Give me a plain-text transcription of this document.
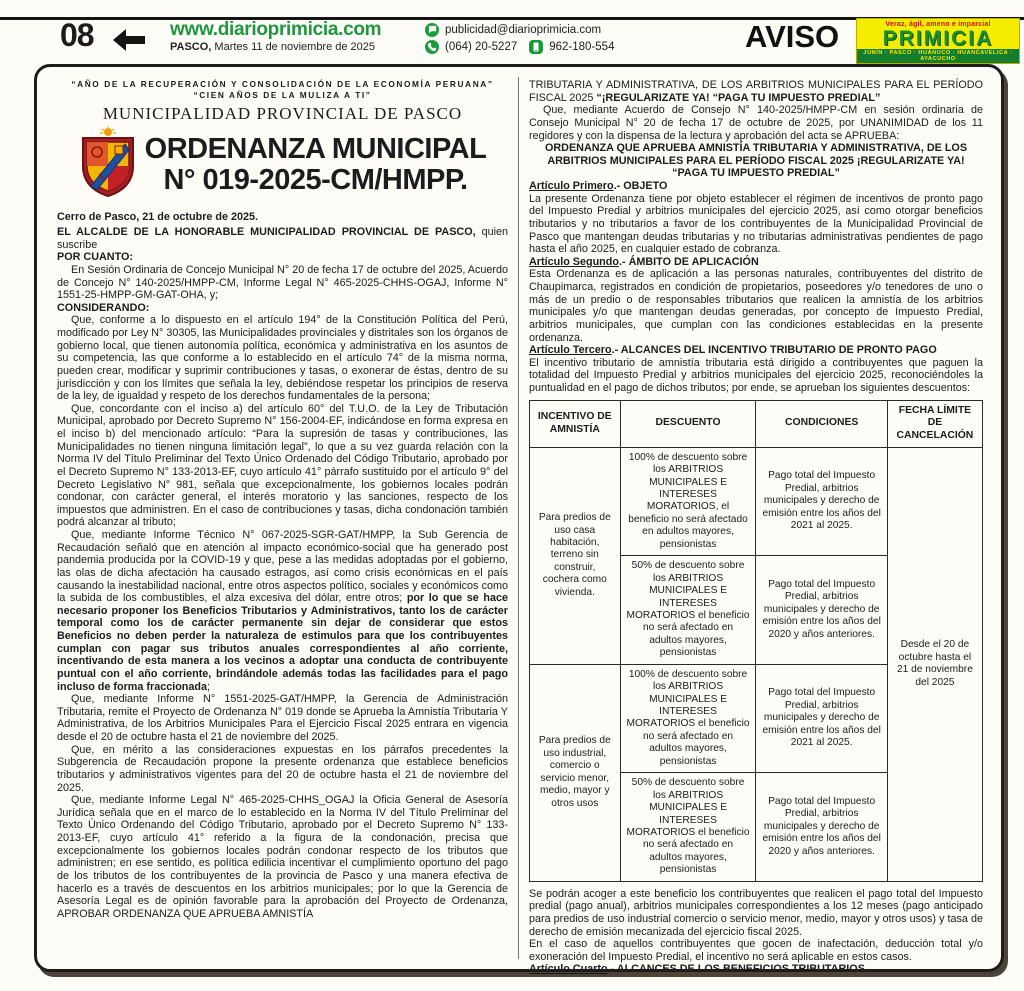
08	www.diarioprimicia.com
PASCO, Martes 11 de noviembre de 2025
publicidad@diarioprimicia.com
(064) 20-5227	962-180-554	AVISO	Veraz, ágil, ameno e imparcial
PRIMICIA
JUNÍN · PASCO · HUÁNUCO · HUANCAVELICA · AYACUCHO
“AÑO DE LA RECUPERACIÓN Y CONSOLIDACIÓN DE LA ECONOMÍA PERUANA”
“CIEN AÑOS DE LA MULIZA A TI”
MUNICIPALIDAD PROVINCIAL DE PASCO
ORDENANZA MUNICIPAL
N° 019-2025-CM/HMPP.

Cerro de Pasco, 21 de octubre de 2025.

EL ALCALDE DE LA HONORABLE MUNICIPALIDAD PROVINCIAL DE PASCO, quien suscribe

POR CUANTO:

En Sesión Ordinaria de Concejo Municipal N° 20 de fecha 17 de octubre del 2025, Acuerdo de Concejo N° 140-2025/HMPP-CM, Informe Legal N° 465-2025-CHHS-OGAJ, Informe N° 1551-25-HMPP-GM-GAT-OHA, y;

CONSIDERANDO:

Que, conforme a lo dispuesto en el artículo 194° de la Constitución Política del Perú, modificado por Ley N° 30305, las Municipalidades provinciales y distritales son los órganos de gobierno local, que tienen autonomía política, económica y administrativa en los asuntos de su competencia, las que conforme a lo establecido en el artículo 74° de la misma norma, pueden crear, modificar y suprimir contribuciones y tasas, o exonerar de éstas, dentro de su jurisdicción y con los límites que señala la ley, debiéndose respetar los principios de reserva de la ley, de igualdad y respeto de los derechos fundamentales de la persona;

Que, concordante con el inciso a) del artículo 60° del T.U.O. de la Ley de Tributación Municipal, aprobado por Decreto Supremo N° 156-2004-EF, indicándose en forma expresa en el inciso b) del mencionado artículo: “Para la supresión de tasas y contribuciones, las Municipalidades no tienen ninguna limitación legal”, lo que a su vez guarda relación con la Norma IV del Título Preliminar del Texto Único Ordenado del Código Tributario, aprobado por el Decreto Supremo N° 133-2013-EF, cuyo artículo 41° párrafo sustituido por el artículo 9° del Decreto Legislativo N° 981, señala que excepcionalmente, los gobiernos locales podrán condonar, con carácter general, el interés moratorio y las sanciones, respecto de los impuestos que administren. En el caso de contribuciones y tasas, dicha condonación también podrá alcanzar al tributo;

Que, mediante Informe Técnico N° 067-2025-SGR-GAT/HMPP, la Sub Gerencia de Recaudación señaló que en atención al impacto económico-social que ha generado post pandemia producida por la COVID-19 y que, pese a las medidas adoptadas por el gobierno, las olas de dicha afectación ha causado estragos, así como crisis económicas en el país causando la inestabilidad nacional, entre otros aspectos político, sociales y económicos como la subida de los combustibles, el alza excesiva del dólar, entre otros; por lo que se hace necesario proponer los Beneficios Tributarios y Administrativos, tanto los de carácter temporal como los de carácter permanente sin dejar de considerar que estos Beneficios no deben perder la naturaleza de estimulos para que los contribuyentes cumplan con pagar sus tributos anuales correspondientes al año corriente, incentivando de esta manera a los vecinos a adoptar una conducta de contribuyente puntual con el año corriente, brindándole además todas las facilidades para el pago incluso de forma fraccionada;

Que, mediante Informe N° 1551-2025-GAT/HMPP, la Gerencia de Administración Tributaria, remite el Proyecto de Ordenanza N° 019 donde se Aprueba la Amnistía Tributaria Y Administrativa, de los Arbitrios Municipales Para el Ejercicio Fiscal 2025 entrara en vigencia desde el 20 de octubre hasta el 21 de noviembre del 2025.

Que, en mérito a las consideraciones expuestas en los párrafos precedentes la Subgerencia de Recaudación propone la presente ordenanza que establece beneficios tributarios y administrativos vigentes para del 20 de octubre hasta el 21 de noviembre del 2025.

Que, mediante Informe Legal N° 465-2025-CHHS_OGAJ la Oficia General de Asesoría Jurídica señala que en el marco de lo establecido en la Norma IV del Título Preliminar del Texto Único Ordenando del Código Tributario, aprobado por el Decreto Supremo N° 133-2013-EF, cuyo artículo 41° referido a la figura de la condonación, precisa que excepcionalmente los gobiernos locales podrán condonar respecto de los tributos que administren; en ese sentido, es política edilicia incentivar el cumplimiento oportuno del pago de los tributos de los contribuyentes de la provincia de Pasco y una manera efectiva de hacerlo es a través de descuentos en los arbitrios municipales; por lo que la Gerencia de Asesoría Legal es de opinión favorable para la aprobación del Proyecto de Ordenanza, APROBAR ORDENANZA QUE APRUEBA AMNISTÍA

TRIBUTARIA Y ADMINISTRATIVA, DE LOS ARBITRIOS MUNICIPALES PARA EL PERÍODO FISCAL 2025 “¡REGULARIZATE YA! “PAGA TU IMPUESTO PREDIAL”

Que, mediante Acuerdo de Consejo N° 140-2025/HMPP-CM en sesión ordinaria de Consejo Municipal N° 20 de fecha 17 de octubre de 2025, por UNANIMIDAD de los 11 regidores y con la dispensa de la lectura y aprobación del acta se APRUEBA:

ORDENANZA QUE APRUEBA AMNISTÍA TRIBUTARIA Y ADMINISTRATIVA, DE LOS ARBITRIOS MUNICIPALES PARA EL PERÍODO FISCAL 2025 ¡REGULARIZATE YA! “PAGA TU IMPUESTO PREDIAL”

Artículo Primero.- OBJETO

La presente Ordenanza tiene por objeto establecer el régimen de incentivos de pronto pago del Impuesto Predial y arbitrios municipales del ejercicio 2025, así como otorgar beneficios tributarios y no tributarios a favor de los contribuyentes de la Municipalidad Provincial de Pasco que mantengan deudas tributarias y no tributarias administrativas pendientes de pago hasta el año 2025, en cualquier estado de cobranza.

Artículo Segundo.- ÁMBITO DE APLICACIÓN

Esta Ordenanza es de aplicación a las personas naturales, contribuyentes del distrito de Chaupimarca, registrados en condición de propietarios, poseedores y/o tenedores de uno o más de un predio o de responsables tributarios que realicen la amnistía de los arbitrios municipales y/o que mantengan deudas generadas, por concepto de Impuesto Predial, arbitrios municipales, que cumplan con las condiciones establecidas en la presente ordenanza.

Artículo Tercero.- ALCANCES DEL INCENTIVO TRIBUTARIO DE PRONTO PAGO

El incentivo tributario de amnistía tributaria está dirigido a contribuyentes que paguen la totalidad del Impuesto Predial y arbitrios municipales del ejercicio 2025, reconociéndoles la puntualidad en el pago de dichos tributos; por ende, se aprueban los siguientes descuentos:

INCENTIVO DE AMNISTÍA	DESCUENTO	CONDICIONES	FECHA LÍMITE DE CANCELACIÓN
Para predios de uso casa habitación, terreno sin construir, cochera como vivienda.	100% de descuento sobre los ARBITRIOS MUNICIPALES E INTERESES MORATORIOS, el beneficio no será afectado en adultos mayores, pensionistas	Pago total del Impuesto Predial, arbitrios municipales y derecho de emisión entre los años del 2021 al 2025.	Desde el 20 de octubre hasta el 21 de noviembre del 2025
	50% de descuento sobre los ARBITRIOS MUNICIPALES E INTERESES MORATORIOS el beneficio no será afectado en adultos mayores, pensionistas	Pago total del Impuesto Predial, arbitrios municipales y derecho de emisión entre los años del 2020 y años anteriores.	
Para predios de uso industrial, comercio o servicio menor, medio, mayor y otros usos	100% de descuento sobre los ARBITRIOS MUNICIPALES E INTERESES MORATORIOS el beneficio no será afectado en adultos mayores, pensionistas	Pago total del Impuesto Predial, arbitrios municipales y derecho de emisión entre los años del 2021 al 2025.	
	50% de descuento sobre los ARBITRIOS MUNICIPALES E INTERESES MORATORIOS el beneficio no será afectado en adultos mayores, pensionistas	Pago total del Impuesto Predial, arbitrios municipales y derecho de emisión entre los años del 2020 y años anteriores.	

Se podrán acoger a este beneficio los contribuyentes que realicen el pago total del Impuesto predial (pago anual), arbitrios municipales correspondientes a los 12 meses (pago anticipado para predios de uso industrial comercio o servicio menor, medio, mayor y otros usos) y tasa de derecho de emisión mecanizada del ejercicio fiscal 2025.

En el caso de aquellos contribuyentes que gocen de inafectación, deducción total y/o exoneración del Impuesto Predial, el incentivo no será aplicable en estos casos.

Artículo Cuarto.- ALCANCES DE LOS BENEFICIOS TRIBUTARIOS
